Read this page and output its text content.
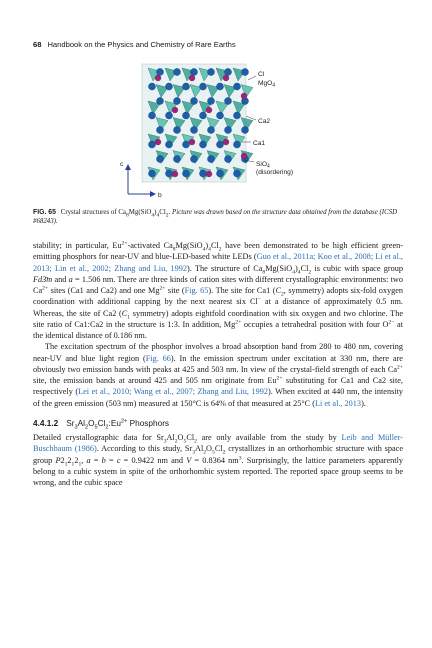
68 Handbook on the Physics and Chemistry of Rare Earths
Cl
MgO$_4$
Ca2
Ca1
SiO$_4$
(disordering)
c
b
FIG. 65 Crystal structures of $Ca_8Mg(SiO_4)_4Cl_2$. Picture was drawn based on the structure data obtained from the database (ICSD #68243).

stability; in particular, $Eu^{2+}$-activated $Ca_8Mg(SiO_4)_4Cl_2$ have been demonstrated to be high efficient green-emitting phosphors for near-UV and blue-LED-based white LEDs (Guo et al., 2011a; Koo et al., 2008; Li et al., 2013; Lin et al., 2002; Zhang and Liu, 1992). The structure of $Ca_8Mg(SiO_4)_4Cl_2$ is cubic with space group Fd3̄m and a = 1.506 nm. There are three kinds of cation sites with different crystallographic environments: two $Ca^{2+}$ sites (Ca1 and Ca2) and one $Mg^{2+}$ site (Fig. 65). The site for Ca1 ($C_2$, symmetry) adopts six-fold oxygen coordination with additional capping by the next nearest six Cl− at a distance of approximately 0.5 nm. Whereas, the site of Ca2 ($C_1$ symmetry) adopts eightfold coordination with six oxygen and two chlorine. The site ratio of Ca1:Ca2 in the structure is 1:3. In addition, $Mg^{2+}$ occupies a tetrahedral position with four $O^{2-}$ at the identical distance of 0.186 nm.

The excitation spectrum of the phosphor involves a broad absorption band from 280 to 480 nm, covering near-UV and blue light region (Fig. 66). In the emission spectrum under excitation at 330 nm, there are obviously two emission bands with peaks at 425 and 503 nm. In view of the crystal-field strength of each $Ca^{2+}$ site, the emission bands at around 425 and 505 nm originate from $Eu^{2+}$ substituting for Ca1 and Ca2 site, respectively (Lei et al., 2010; Wang et al., 2007; Zhang and Liu, 1992). When excited at 440 nm, the intensity of the green emission (503 nm) measured at 150°C is 64% of that measured at 25°C (Li et al., 2013).

4.4.1.2 $Sr_3Al_2O_5Cl_2:Eu^{2+}$ Phosphors

Detailed crystallographic data for $Sr_3Al_2O_5Cl_2$ are only available from the study by Leib and Müller-Buschbaum (1986). According to this study, $Sr_3Al_2O_5Cl_2$ crystallizes in an orthorhombic structure with space group $P2_12_12_1$, a = b = c = 0.9422 nm and V = 0.8364 $nm^3$. Surprisingly, the lattice parameters apparently belong to a cubic system in spite of the orthorhombic system reported. The reported space group seems to be wrong, and the cubic space
